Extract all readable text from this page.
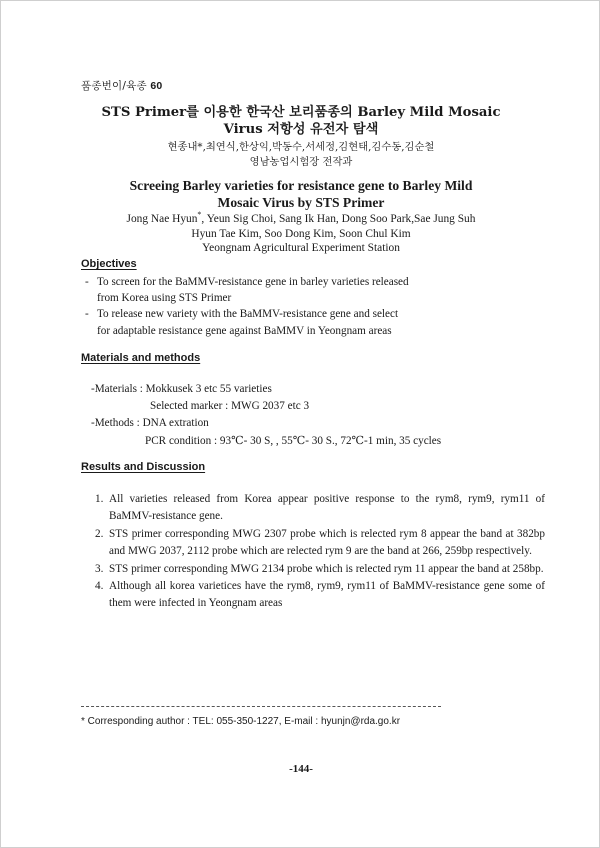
품종번이/육종 60
STS Primer를 이용한 한국산 보리품종의 Barley Mild Mosaic
Virus 저항성 유전자 탐색
현종내*,최연식,한상익,박동수,서세정,김현태,김수동,김순철
영남농업시험장 전작과
Screeing Barley varieties for resistance gene to Barley Mild
Mosaic Virus by STS Primer
Jong Nae Hyun*, Yeun Sig Choi, Sang Ik Han, Dong Soo Park,Sae Jung Suh
Hyun Tae Kim, Soo Dong Kim, Soon Chul Kim
Yeongnam Agricultural Experiment Station
Objectives
- To screen for the BaMMV-resistance gene in barley varieties released
from Korea using STS Primer
- To release new variety with the BaMMV-resistance gene and select
for adaptable resistance gene against BaMMV in Yeongnam areas
Materials and methods
-Materials : Mokkusek 3 etc 55 varieties
Selected marker : MWG 2037 etc 3
-Methods : DNA extration
PCR condition : 93℃- 30 S, , 55℃- 30 S., 72℃-1 min, 35 cycles
Results and Discussion
1. All varieties released from Korea appear positive response to the rym8, rym9, rym11 of BaMMV-resistance gene.
2. STS primer corresponding MWG 2307 probe which is relected rym 8 appear the band at 382bp and MWG 2037, 2112 probe which are relected rym 9 are the band at 266, 259bp respectively.
3. STS primer corresponding MWG 2134 probe which is relected rym 11 appear the band at 258bp.
4. Although all korea varietices have the rym8, rym9, rym11 of BaMMV-resistance gene some of them were infected in Yeongnam areas
* Corresponding author : TEL: 055-350-1227, E-mail : hyunjn@rda.go.kr
-144-
